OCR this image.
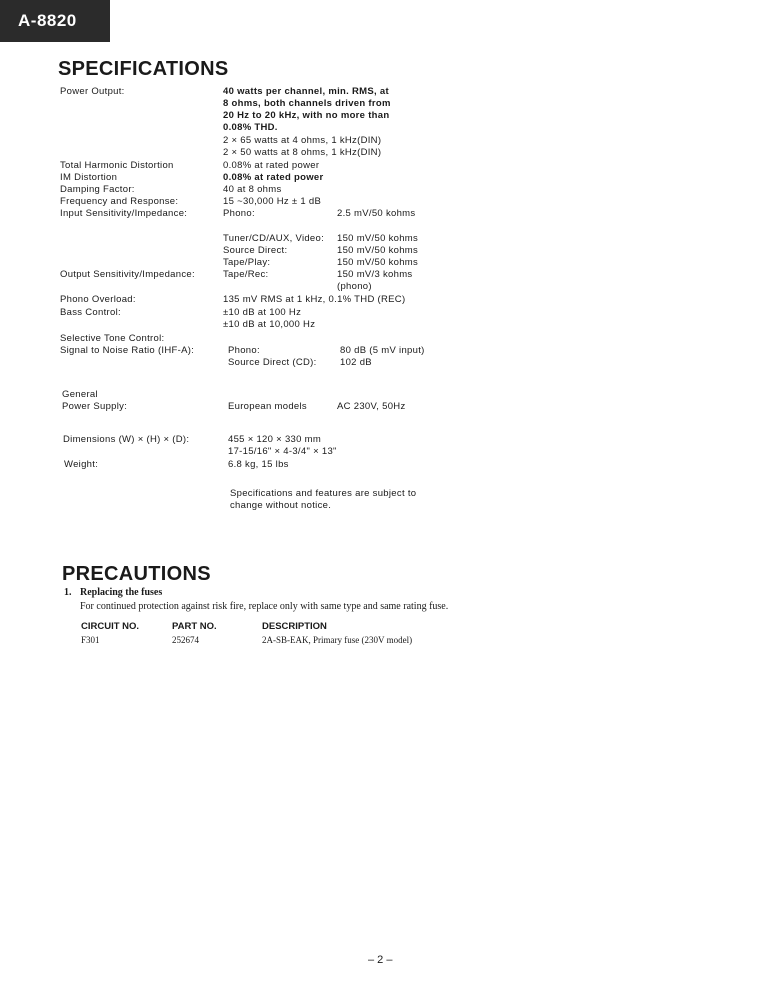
A-8820
SPECIFICATIONS
Power Output:	40 watts per channel, min. RMS, at
8 ohms, both channels driven from
20 Hz to 20 kHz, with no more than
0.08% THD.
2 × 65 watts at 4 ohms, 1 kHz(DIN)
2 × 50 watts at 8 ohms, 1 kHz(DIN)
Total Harmonic Distortion	0.08% at rated power
IM Distortion	0.08% at rated power
Damping Factor:	40 at 8 ohms
Frequency and Response:	15 ~30,000 Hz ± 1 dB
Input Sensitivity/Impedance:	Phono:	2.5 mV/50 kohms
Tuner/CD/AUX, Video: 150 mV/50 kohms
Source Direct:	150 mV/50 kohms
Tape/Play:	150 mV/50 kohms
Output Sensitivity/Impedance:	Tape/Rec:	150 mV/3 kohms
(phono)
Phono Overload:	135 mV RMS at 1 kHz, 0.1% THD (REC)
Bass Control:	±10 dB at 100 Hz
±10 dB at 10,000 Hz
Selective Tone Control:
Signal to Noise Ratio (IHF-A):	Phono:	80 dB (5 mV input)
Source Direct (CD): 102 dB
General
Power Supply:	European models	AC 230V, 50Hz
Dimensions (W) × (H) × (D):	455 × 120 × 330 mm
17-15/16" × 4-3/4" × 13"
Weight:	6.8 kg, 15 lbs
Specifications and features are subject to
change without notice.
PRECAUTIONS
1. Replacing the fuses
For continued protection against risk fire, replace only with same type and same rating fuse.
CIRCUIT NO.	PART NO.	DESCRIPTION
F301	252674	2A-SB-EAK, Primary fuse (230V model)
– 2 –
